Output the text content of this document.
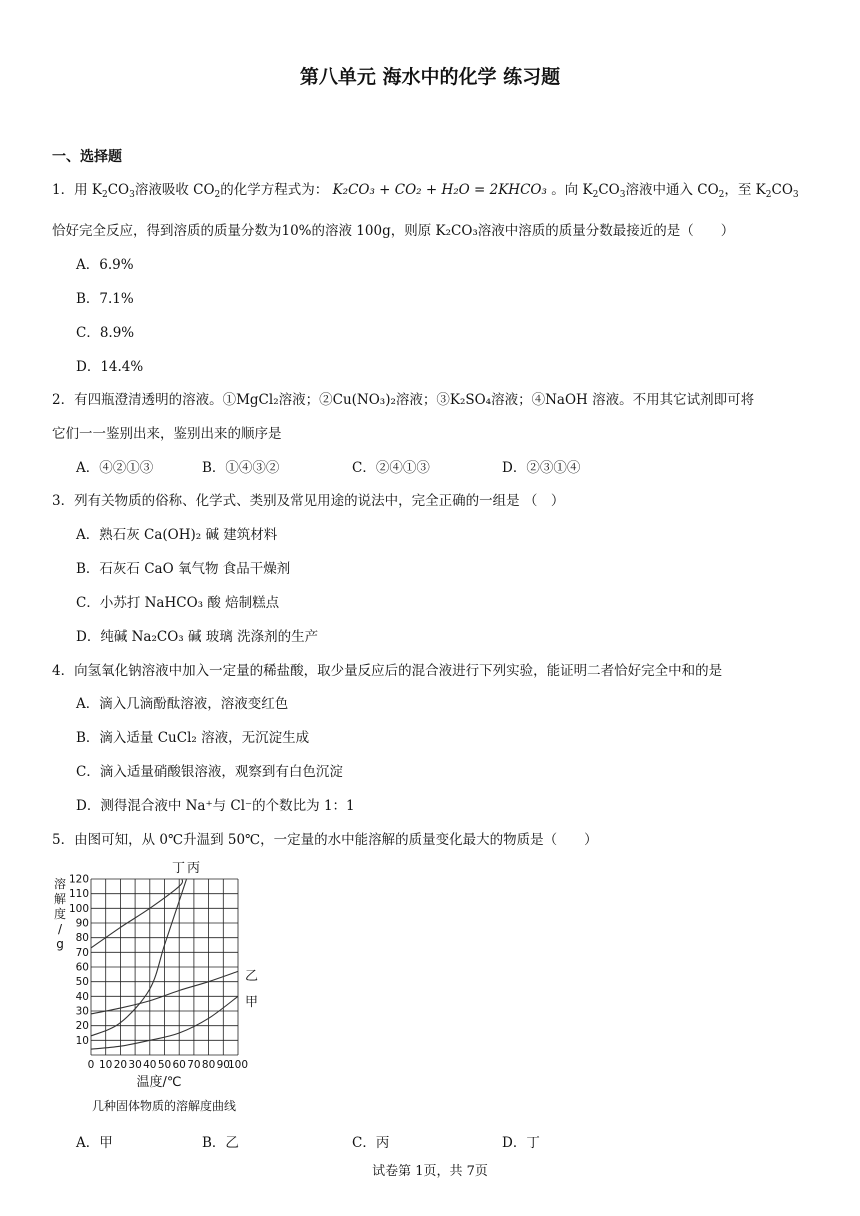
第八单元 海水中的化学 练习题
一、选择题
1．用 $K_2CO_3$溶液吸收 $CO_2$的化学方程式为： K₂CO₃ + CO₂ + H₂O = 2KHCO₃ 。向 $K_2CO_3$溶液中通入 $CO_2$，至 $K_2CO_3$
恰好完全反应，得到溶质的质量分数为10%的溶液 100g，则原 K₂CO₃溶液中溶质的质量分数最接近的是（　　）
A．6.9%
B．7.1%
C．8.9%
D．14.4%
2．有四瓶澄清透明的溶液。①MgCl₂溶液；②Cu(NO₃)₂溶液；③K₂SO₄溶液；④NaOH 溶液。不用其它试剂即可将
它们一一鉴别出来，鉴别出来的顺序是
A．④②①③	B．①④③②	C．②④①③	D．②③①④
3．列有关物质的俗称、化学式、类别及常见用途的说法中，完全正确的一组是 （　）
A．熟石灰 Ca(OH)₂ 碱 建筑材料
B．石灰石 CaO 氧气物 食品干燥剂
C．小苏打 NaHCO₃ 酸 焙制糕点
D．纯碱 Na₂CO₃ 碱 玻璃 洗涤剂的生产
4．向氢氧化钠溶液中加入一定量的稀盐酸，取少量反应后的混合液进行下列实验，能证明二者恰好完全中和的是
A．滴入几滴酚酞溶液，溶液变红色
B．滴入适量 CuCl₂ 溶液，无沉淀生成
C．滴入适量硝酸银溶液，观察到有白色沉淀
D．测得混合液中 Na⁺与 Cl⁻的个数比为 1：1
5．由图可知，从 0℃升温到 50℃，一定量的水中能溶解的质量变化最大的物质是（　　）
0 10 20 30 40 50 60 70 80 90
100
10
20
30
40
50
60
70
80
90
100
110
120
丁 丙
乙
甲
溶
解
度
/
g
温度/℃
几种固体物质的溶解度曲线
A．甲	B．乙	C．丙	D．丁
试卷第 1页，共 7页
